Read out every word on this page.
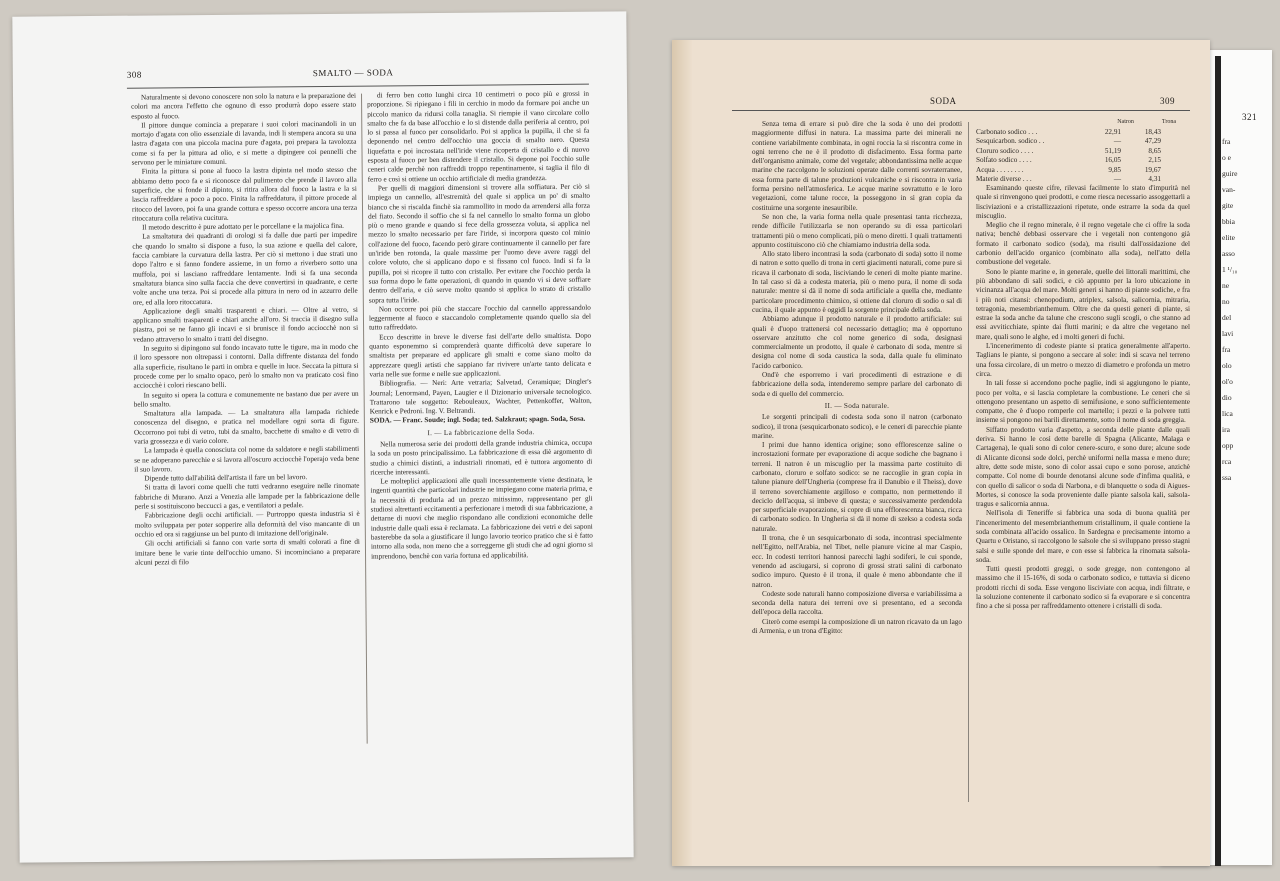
308	SMALTO — SODA

Naturalmente si devono conoscere non solo la natura e la preparazione dei colori ma ancora l'effetto che ognuno di esso produrrà dopo essere stato esposto al fuoco.

Il pittore dunque comincia a preparare i suoi colori macinandoli in un mortajo d'agata con olio essenziale di lavanda, indi li stempera ancora su una lastra d'agata con una piccola macina pure d'agata, poi prepara la tavolozza come si fa per la pittura ad olio, e si mette a dipingere coi pennelli che servono per le miniature comuni.

Finita la pittura si pone al fuoco la lastra dipinta nel modo stesso che abbiamo detto poco fa e si riconosce dal pulimento che prende il lavoro alla superficie, che si fonde il dipinto, si ritira allora dal fuoco la lastra e la si lascia raffreddare a poco a poco. Finita la raffreddatura, il pittore procede al ritocco del lavoro, poi fa una grande cottura e spesso occorre ancora una terza ritoccatura colla relativa cucitura.

Il metodo descritto è pure adottato per le porcellane e la majolica fina.

La smaltatura dei quadranti di orologi si fa dalle due parti per impedire che quando lo smalto si dispone a fuso, la sua azione e quella del calore, faccia cambiare la curvatura della lastra. Per ciò si mettono i due strati uno dopo l'altro e si fanno fondere assieme, in un forno a riverbero sotto una muffola, poi si lasciano raffreddare lentamente. Indi si fa una seconda smaltatura bianca sino sulla faccia che deve convertirsi in quadrante, e certe volte anche una terza. Poi si procede alla pittura in nero od in azzurro delle ore, ed alla loro ritoccatura.

Applicazione degli smalti trasparenti e chiari. — Oltre al vetro, si applicano smalti trasparenti e chiari anche all'oro. Si traccia il disegno sulla piastra, poi se ne fanno gli incavi e si brunisce il fondo acciocchè non si vedano attraverso lo smalto i tratti del disegno.

In seguito si dipingono sul fondo incavato tutte le tigure, ma in modo che il loro spessore non oltrepassi i contorni. Dalla diffrente distanza del fondo alla superficie, risultano le parti in ombra e quelle in luce. Seccata la pittura si procede come per lo smalto opaco, però lo smalto non va praticato così fino acciocchè i colori riescano belli.

In seguito si opera la cottura e comunemente ne bastano due per avere un bello smalto.

Smaltatura alla lampada. — La smaltatura alla lampada richiede conoscenza del disegno, e pratica nel modellare ogni sorta di figure. Occorrono poi tubi di vetro, tubi da smalto, bacchette di smalto e di vetro di varia grossezza e di vario colore.

La lampada è quella conosciuta col nome da saldatore e negli stabilimenti se ne adoperano parecchie e si lavora all'oscuro acciocchè l'operajo veda bene il suo lavoro.

Dipende tutto dall'abilità dell'artista il fare un bel lavoro.

Si tratta di lavori come quelli che tutti vedranno eseguire nelle rinomate fabbriche di Murano. Anzi a Venezia alle lampade per la fabbricazione delle perle si sostituiscono beccucci a gas, e ventilatori a pedale.

Fabbricazione degli occhi artificiali. — Purtroppo questa industria si è molto sviluppata per poter sopperire alla deformità del viso mancante di un occhio ed ora si raggiunse un bel punto di imitazione dell'originale.

Gli occhi artificiali si fanno con varie sorta di smalti colorati a fine di imitare bene le varie tinte dell'occhio umano. Si incominciano a preparare alcuni pezzi di filo

di ferro ben cotto lunghi circa 10 centimetri o poco più e grossi in proporzione. Si ripiegano i fili in cerchio in modo da formare poi anche un piccolo manico da ridursi colla tanaglia. Si riempie il vano circolare collo smalto che fa da base all'occhio e lo si distende dalla periferia al centro, poi lo si passa al fuoco per consolidarlo. Poi si applica la pupilla, il che si fa deponendo nel centro dell'occhio una goccia di smalto nero. Questa liquefatta e poi incrostata nell'iride viene ricoperta di cristallo e di nuovo esposta al fuoco per ben distendere il cristallo. Si depone poi l'occhio sulle ceneri calde perchè non raffreddi troppo repentinamente, si taglia il filo di ferro e così si ottiene un occhio artificiale di media grandezza.

Per quelli di maggiori dimensioni si trovere alla soffiatura. Per ciò si impiega un cannello, all'estremità del quale si applica un po' di smalto bianco che si riscalda finchè sia rammollito in modo da arrendersi alla forza del fiato. Secondo il soffio che si fa nel cannello lo smalto forma un globo più o meno grande e quando si fece della grossezza voluta, si applica nel mezzo lo smalto necessario per fare l'iride, si incorpora questo col minio coll'azione del fuoco, facendo però girare continuamente il cannello per fare un'iride ben rotonda, la quale massime per l'uomo deve avere raggi del colore voluto, che si applicano dopo e si fissano col fuoco. Indi si fa la pupilla, poi si ricopre il tutto con cristallo. Per evitare che l'occhio perda la sua forma dopo le fatte operazioni, di quando in quando vi si deve soffiare dentro dell'aria, e ciò serve molto quando si applica lo strato di cristallo sopra tutta l'iride.

Non occorre poi più che staccare l'occhio dal cannello appressandolo leggermente al fuoco e staccandolo completamente quando quello sia del tutto raffreddato.

Ecco descritte in breve le diverse fasi dell'arte dello smaltista. Dopo quanto esponemmo si comprenderà quante difficoltà deve superare lo smaltista per preparare ed applicare gli smalti e come siano molto da apprezzare quegli artisti che sappiano far rivivere un'arte tanto delicata e varia nelle sue forme e nelle sue applicazioni.

Bibliografia. — Neri: Arte vetraria; Salvetad, Ceramique; Dingler's Journal; Lenormand, Payen, Laugier e il Dizionario universale tecnologico. Trattarono tale soggetto: Rebouleaux, Wachter, Pettenkoffer, Walton, Kenrick e Pedroni. Ing. V. Beltrandi.

SODA. — Franc. Soude; ingl. Soda; ted. Salzkraut; spagn. Soda, Sosa.

I. — La fabbricazione della Soda.

Nella numerosa serie dei prodotti della grande industria chimica, occupa la soda un posto principalissimo. La fabbricazione di essa diè argomento di studio a chimici distinti, a industriali rinomati, ed è tuttora argomento di ricerche interessanti.

Le molteplici applicazioni alle quali incessantemente viene destinata, le ingenti quantità che particolari industrie ne impiegano come materia prima, e la necessità di produrla ad un prezzo mitissimo, rappresentano per gli studiosi altrettanti eccitamenti a perfezionare i metodi di sua fabbricazione, a dettarne di nuovi che meglio rispondano alle condizioni economiche delle industrie dalle quali essa è reclamata. La fabbricazione dei vetri e dei saponi basterebbe da sola a giustificare il lungo lavorio teorico pratico che si è fatto intorno alla soda, non meno che a sorreggerne gli studi che ad ogni giorno si imprendono, benchè con varia fortuna ed applicabilità.

321
fra
o e
guire
van-
gite
bbia
elite
asso
1 ¹/₁₀
ne
no
del
lavi
fra
olo
ol'o
dio
lica
ira
opp
rca
ssa
SODA	309

Senza tema di errare si può dire che la soda è uno dei prodotti maggiormente diffusi in natura. La massima parte dei minerali ne contiene variabilmente combinata, in ogni roccia la si riscontra come in ogni terreno che ne è il prodotto di disfacimento. Essa forma parte dell'organismo animale, come del vegetale; abbondantissima nelle acque marine che raccolgono le soluzioni operate dalle correnti sovraterranee, essa forma parte di talune produzioni vulcaniche e si riscontra in varia forma persino nell'atmosferica. Le acque marine sovrattutto e le loro vegetazioni, come talune rocce, la posseggono in sì gran copia da costituirne una sorgente inesauribile.

Se non che, la varia forma nella quale presentasi tanta ricchezza, rende difficile l'utilizzarla se non operando su di essa particolari trattamenti più o meno complicati, più o meno diretti. I quali trattamenti appunto costituiscono ciò che chiamiamo industria della soda.

Allo stato libero incontrasi la soda (carbonato di soda) sotto il nome di natron e sotto quello di trona in certi giacimenti naturali, come pure si ricava il carbonato di soda, lisciviando le ceneri di molte piante marine. In tal caso si dà a codesta materia, più o meno pura, il nome di soda naturale: mentre si dà il nome di soda artificiale a quella che, mediante particolare procedimento chimico, si ottiene dal cloruro di sodio o sal di cucina, il quale appunto è oggidì la sorgente principale della soda.

Abbiamo adunque il prodotto naturale e il prodotto artificiale: sui quali è d'uopo trattenersi col necessario dettaglio; ma è opportuno osservare anzitutto che col nome generico di soda, designasi commercialmente un prodotto, il quale è carbonato di soda, mentre si designa col nome di soda caustica la soda, dalla quale fu eliminato l'acido carbonico.

Ond'è che esporremo i vari procedimenti di estrazione e di fabbricazione della soda, intenderemo sempre parlare del carbonato di soda e di quello del commercio.

II. — Soda naturale.

Le sorgenti principali di codesta soda sono il natron (carbonato sodico), il trona (sesquicarbonato sodico), e le ceneri di parecchie piante marine.

I primi due hanno identica origine; sono efflorescenze saline o incrostazioni formate per evaporazione di acque sodiche che bagnano i terreni. Il natron è un miscuglio per la massima parte costituito di carbonato, cloruro e solfato sodico: se ne raccoglie in gran copia in talune pianure dell'Ungheria (comprese fra il Danubio e il Theiss), dove il terreno soverchiamente argilloso e compatto, non permettendo il deciclo dell'acqua, si imbeve di questa; e successivamente perdendola per superficiale evaporazione, si copre di una efflorescenza bianca, ricca di carbonato sodico. In Ungheria si dà il nome di szekso a codesta soda naturale.

Il trona, che è un sesquicarbonato di soda, incontrasi specialmente nell'Egitto, nell'Arabia, nel Tibet, nelle pianure vicine al mar Caspio, ecc. In codesti territori hannosi parecchi laghi sodiferi, le cui sponde, venendo ad asciugarsi, si coprono di grossi strati salini di carbonato sodico impuro. Questo è il trona, il quale è meno abbondante che il natron.

Codeste sode naturali hanno composizione diversa e variabilissima a seconda della natura dei terreni ove si presentano, ed a seconda dell'epoca della raccolta.

Citerò come esempi la composizione di un natron ricavato da un lago di Armenia, e un trona d'Egitto:

Natron	Trona
Carbonato sodico . . .	22,91	18,43
Sesquicarbon. sodico . .	—	47,29
Cloruro sodico . . . .	51,19	8,65
Solfato sodico . . . .	16,05	2,15
Acqua . . . . . . . .	9,85	19,67
Materie diverse . . .	—	4,31

Esaminando queste cifre, rilevasi facilmente lo stato d'impurità nel quale si rinvengono quei prodotti, e come riesca necessario assoggettarli a lisciviazioni e a cristallizzazioni ripetute, onde estrarre la soda da quel miscuglio.

Meglio che il regno minerale, è il regno vegetale che ci offre la soda nativa; benchè debbasi osservare che i vegetali non contengono già formato il carbonato sodico (soda), ma risulti dall'ossidazione del carbonio dell'acido organico (combinato alla soda), nell'atto della combustione del vegetale.

Sono le piante marine e, in generale, quelle dei littorali marittimi, che più abbondano di sali sodici, e ciò appunto per la loro ubicazione in vicinanza all'acqua del mare. Molti generi si hanno di piante sodiche, e fra i più noti citansi: chenopodium, atriplex, salsola, salicornia, mitraria, tetragonia, mesembrianthemum. Oltre che da questi generi di piante, si estrae la soda anche da talune che crescono sugli scogli, o che stanno ad essi avviticchiate, spinte dai flutti marini; e da altre che vegetano nel mare, quali sono le alghe, ed i molti generi di fuchi.

L'incenerimento di codeste piante si pratica generalmente all'aperto. Taglians le piante, si pongono a seccare al sole: indi si scava nel terreno una fossa circolare, di un metro o mezzo di diametro e profonda un metro circa.

In tali fosse si accendono poche paglie, indi si aggiungono le piante, poco per volta, e si lascia completare la combustione. Le ceneri che si ottengono presentano un aspetto di semifusione, e sono sufficientemente compatte, che è d'uopo romperle col martello; i pezzi e la polvere tutti insieme si pongono nei barili direttamente, sotto il nome di soda greggia.

Siffatto prodotto varia d'aspetto, a seconda delle piante dalle quali deriva. Si hanno le così dette barelle di Spagna (Alicante, Malaga e Cartagena), le quali sono di color cenere-scuro, e sono dure; alcune sode di Alicante diconsi sode dolci, perchè uniformi nella massa e meno dure; altre, dette sode miste, sono di color assai cupo e sono porose, anzichè compatte. Col nome di bourde denotansi alcune sode d'infima qualità, e con quello di salicor o soda di Narbona, e di blanquette o soda di Aigues-Mortes, si conosce la soda proveniente dalle piante salsola kali, salsola-tragus e salicornia annua.

Nell'isola di Teneriffe si fabbrica una soda di buona qualità per l'incenerimento del mesembrianthemum cristallinum, il quale contiene la soda combinata all'acido ossalico. In Sardegna e precisamente intorno a Quartu e Oristano, si raccolgono le salsole che si sviluppano presso stagni salsi e sulle sponde del mare, e con esse si fabbrica la rinomata salsola-soda.

Tutti questi prodotti greggi, o sode gregge, non contengono al massimo che il 15-16%, di soda o carbonato sodico, e tuttavia si diceno prodotti ricchi di soda. Esse vengono lisciviate con acqua, indi filtrate, e la soluzione contenente il carbonato sodico si fa evaporare e si concentra fino a che si possa per raffreddamento ottenere i cristalli di soda.
